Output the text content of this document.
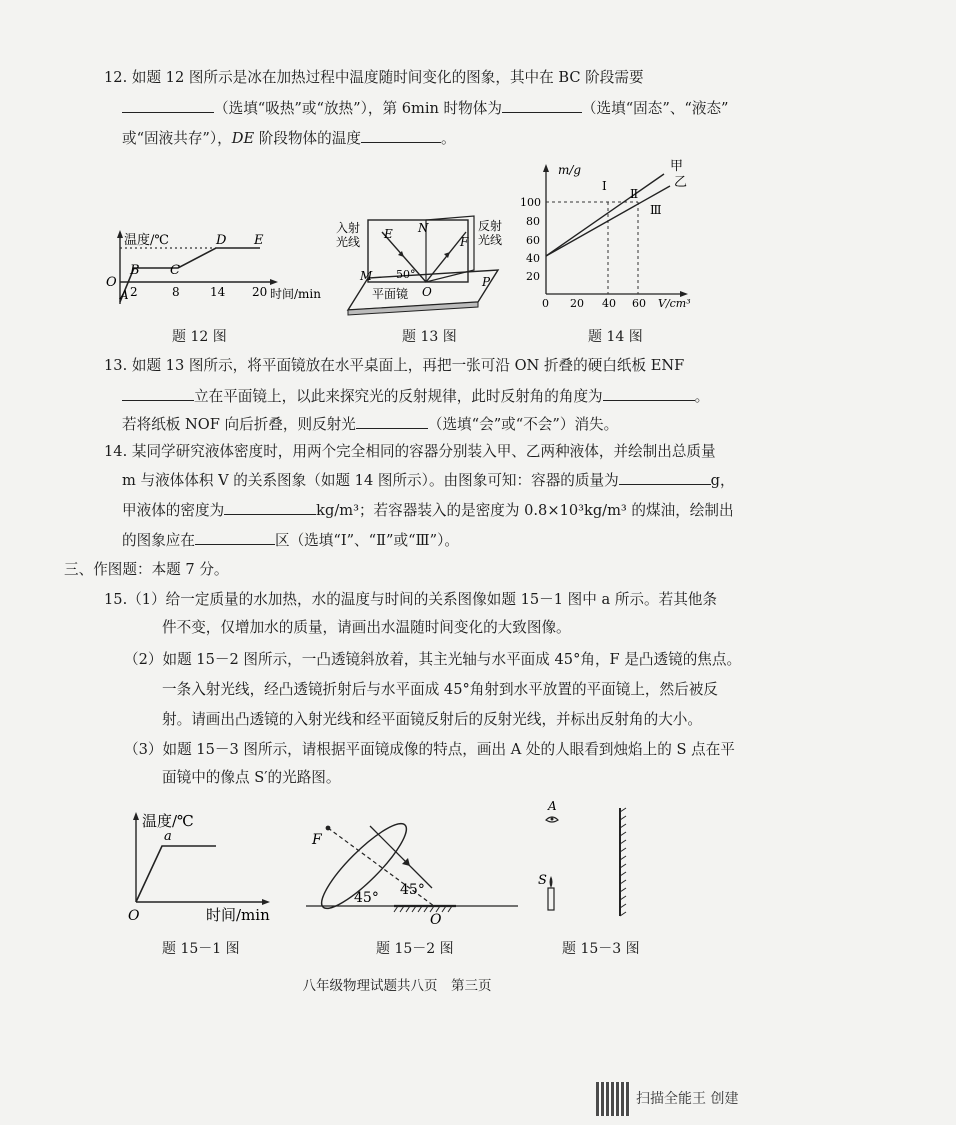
12. 如题 12 图所示是冰在加热过程中温度随时间变化的图象，其中在 BC 阶段需要
（选填“吸热”或“放热”），第 6min 时物体为	（选填“固态”、“液态”
或“固液共存”），DE 阶段物体的温度	。
温度/℃
O
A
B C
D E
2	8	14 20 时间/min
题 12 图
入射
光线
反射
光线
E N
F
M
O
P
50°
平面镜
题 13 图
m/g
100
80
60
40
20
0 20 40 60 V/cm³
甲
乙
Ⅰ
Ⅱ
Ⅲ
题 14 图
13. 如题 13 图所示，将平面镜放在水平桌面上，再把一张可沿 ON 折叠的硬白纸板 ENF
立在平面镜上，以此来探究光的反射规律，此时反射角的角度为	。
若将纸板 NOF 向后折叠，则反射光	（选填“会”或“不会”）消失。
14. 某同学研究液体密度时，用两个完全相同的容器分别装入甲、乙两种液体，并绘制出总质量
m 与液体体积 V 的关系图象（如题 14 图所示）。由图象可知：容器的质量为	g，
甲液体的密度为	kg/m³；若容器装入的是密度为 0.8×10³kg/m³ 的煤油，绘制出
的图象应在	区（选填“Ⅰ”、“Ⅱ”或“Ⅲ”）。
三、作图题：本题 7 分。
15.（1）给一定质量的水加热，水的温度与时间的关系图像如题 15－1 图中 a 所示。若其他条
件不变，仅增加水的质量，请画出水温随时间变化的大致图像。
（2）如题 15－2 图所示，一凸透镜斜放着，其主光轴与水平面成 45°角，F 是凸透镜的焦点。
一条入射光线，经凸透镜折射后与水平面成 45°角射到水平放置的平面镜上，然后被反
射。请画出凸透镜的入射光线和经平面镜反射后的反射光线，并标出反射角的大小。
（3）如题 15－3 图所示，请根据平面镜成像的特点，画出 A 处的人眼看到烛焰上的 S 点在平
面镜中的像点 S′的光路图。
温度/℃
a
O	时间/min
题 15－1 图
F
45° 45°
O
题 15－2 图
A
S
题 15－3 图
八年级物理试题共八页　第三页
扫描全能王 创建
